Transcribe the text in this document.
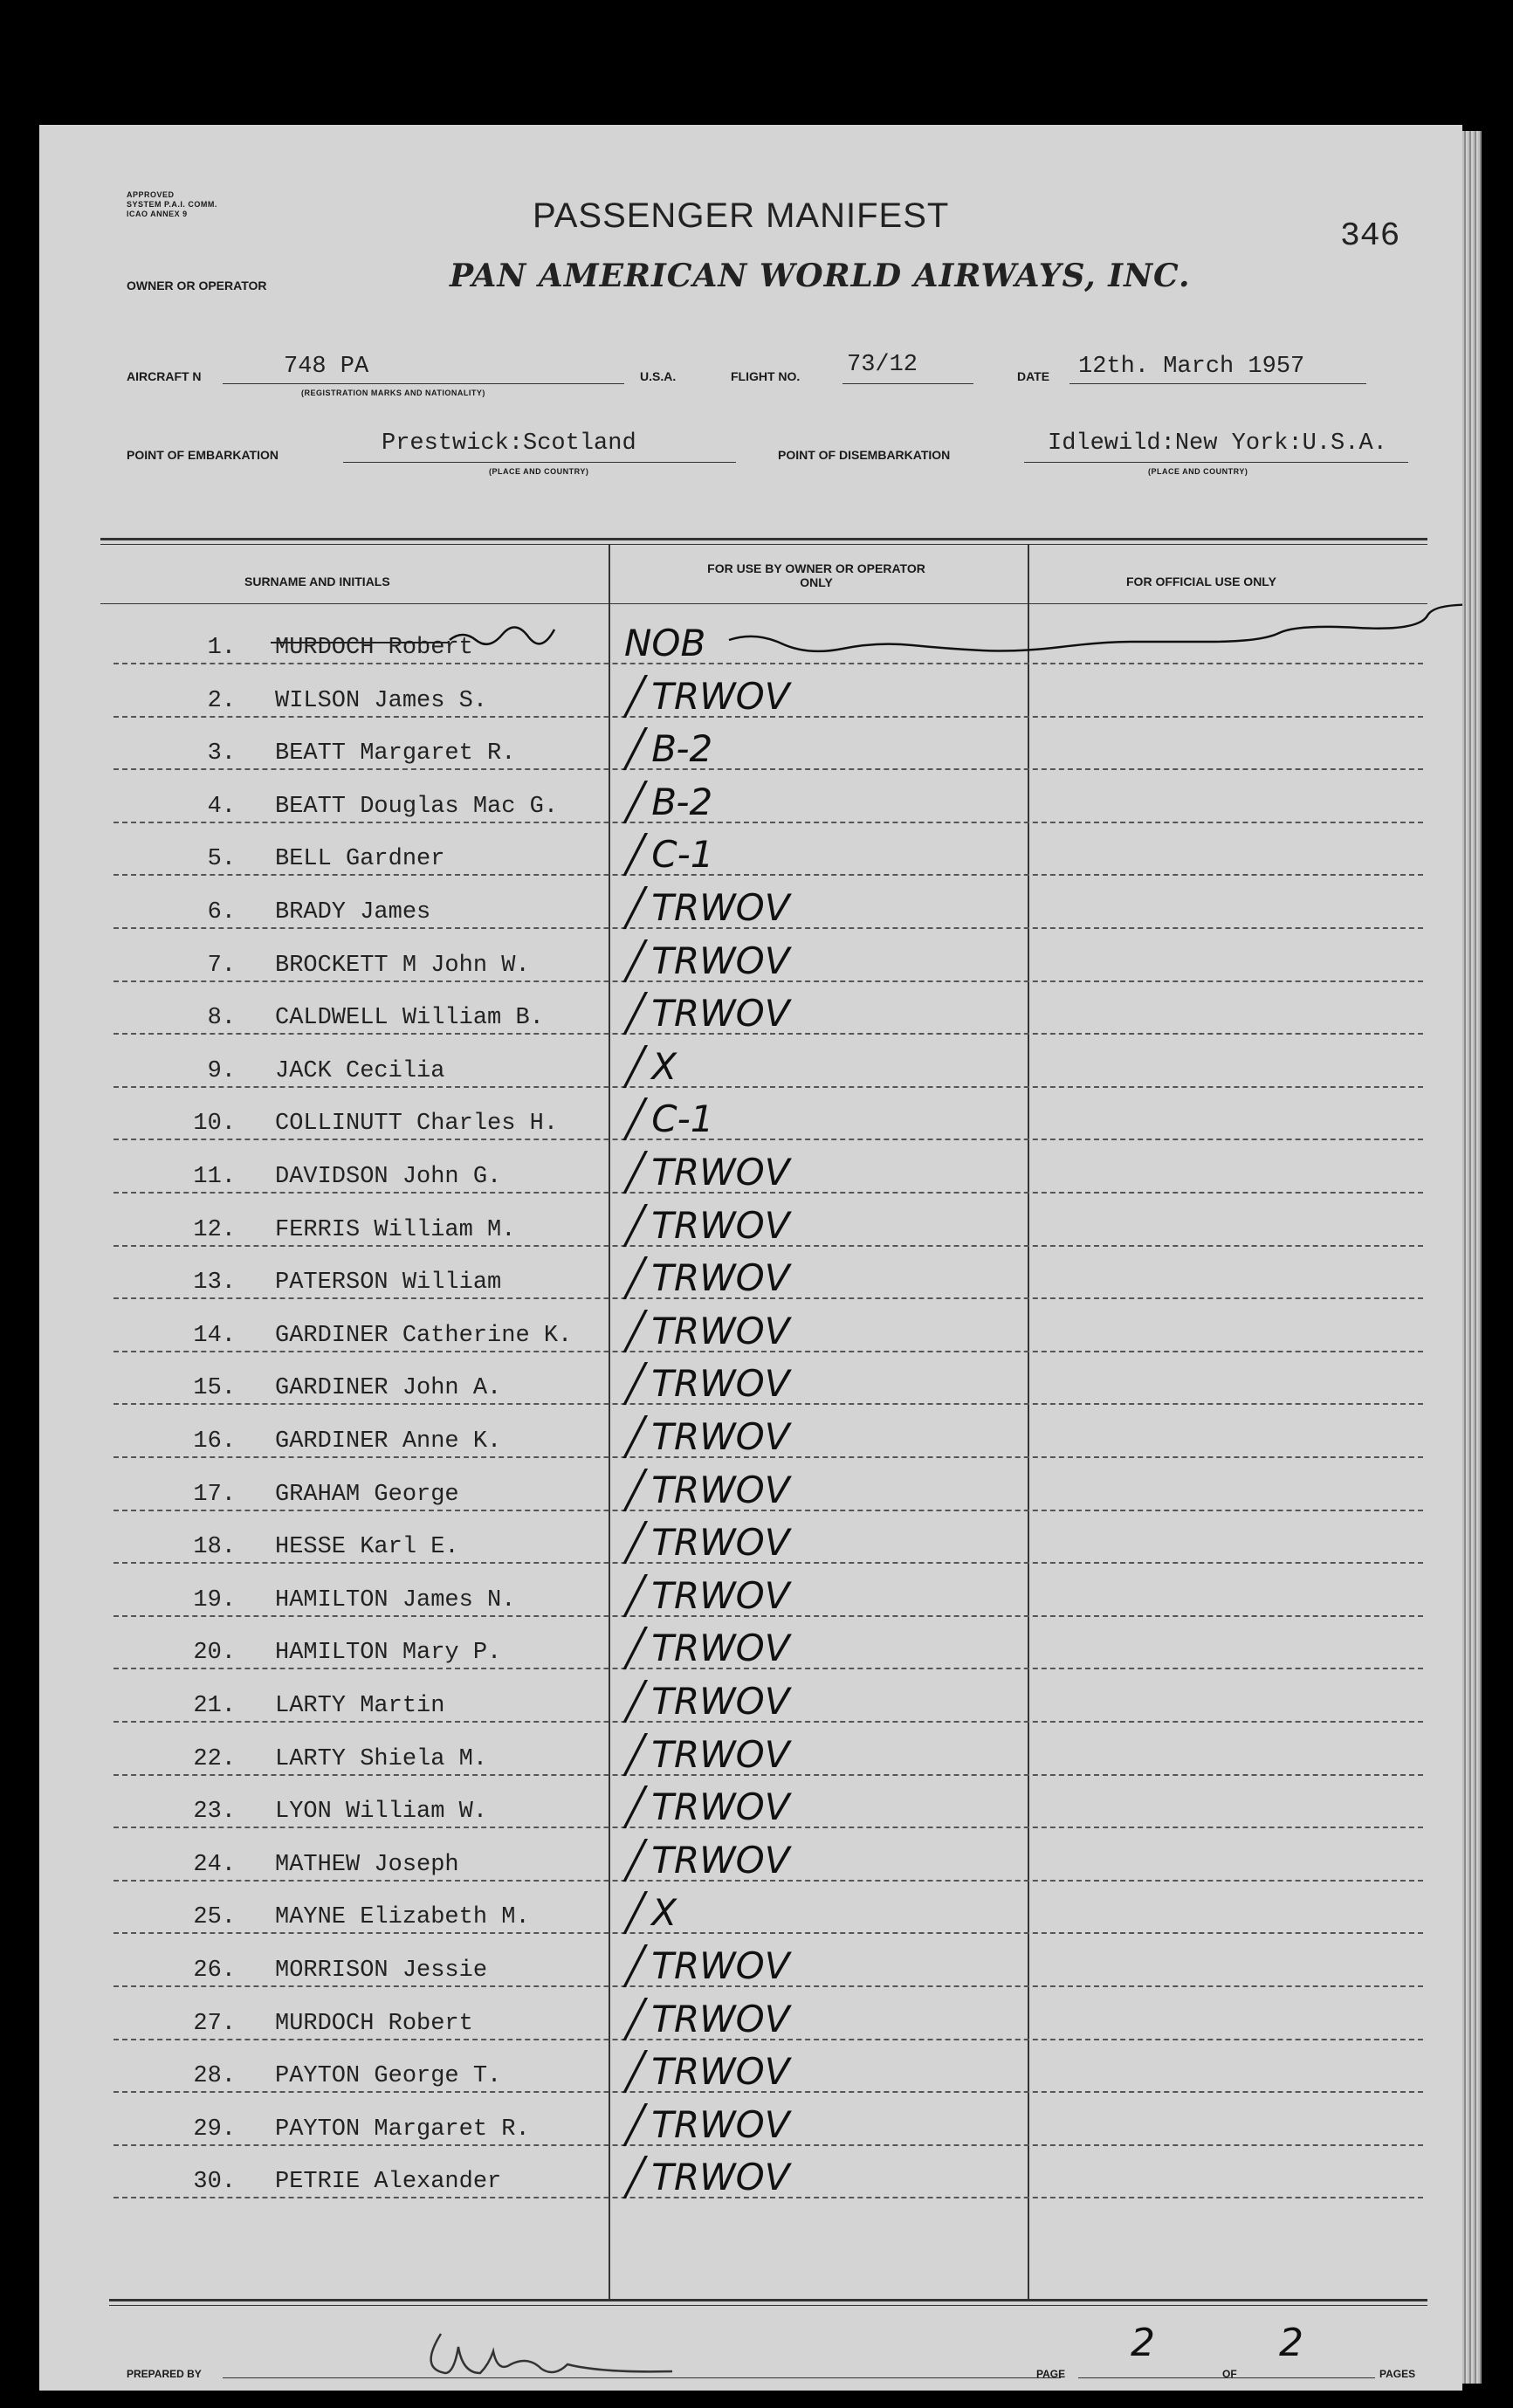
APPROVED
SYSTEM P.A.I. COMM.
ICAO ANNEX 9	PASSENGER MANIFEST
346
OWNER OR OPERATOR	PAN AMERICAN WORLD AIRWAYS, INC.
AIRCRAFT N	748 PA
(REGISTRATION MARKS AND NATIONALITY)
U.S.A.	FLIGHT NO. 73/12	DATE 12th. March 1957
POINT OF EMBARKATION	Prestwick:Scotland
(PLACE AND COUNTRY)
POINT OF DISEMBARKATION	Idlewild:New York:U.S.A.
(PLACE AND COUNTRY)
SURNAME AND INITIALS
FOR USE BY OWNER OR OPERATOR ONLY	FOR OFFICIAL USE ONLY
1. MURDOCH Robert	NOB
2. WILSON James S.	╱ TRWOV
3. BEATT Margaret R.	╱ B-2
4. BEATT Douglas Mac G. ╱ B-2
5. BELL Gardner	╱ C-1
6. BRADY James	╱ TRWOV
7. BROCKETT M John W.	╱ TRWOV
8. CALDWELL William B. ╱ TRWOV
9. JACK Cecilia	╱ X
10. COLLINUTT Charles H. ╱ C-1
11. DAVIDSON John G.	╱ TRWOV
12. FERRIS William M.	╱ TRWOV
13. PATERSON William	╱ TRWOV
14. GARDINER Catherine K. ╱ TRWOV
15. GARDINER John A.	╱ TRWOV
16. GARDINER Anne K.	╱ TRWOV
17. GRAHAM George	╱ TRWOV
18. HESSE Karl E.	╱ TRWOV
19. HAMILTON James N.	╱ TRWOV
20. HAMILTON Mary P.	╱ TRWOV
21. LARTY Martin	╱ TRWOV
22. LARTY Shiela M.	╱ TRWOV
23. LYON William W.	╱ TRWOV
24. MATHEW Joseph	╱ TRWOV
25. MAYNE Elizabeth M.	╱ X
26. MORRISON Jessie	╱ TRWOV
27. MURDOCH Robert	╱ TRWOV
28. PAYTON George T.	╱ TRWOV
29. PAYTON Margaret R.	╱ TRWOV
30. PETRIE Alexander	╱ TRWOV
PREPARED BY	PAGE
2
OF
2
PAGES
